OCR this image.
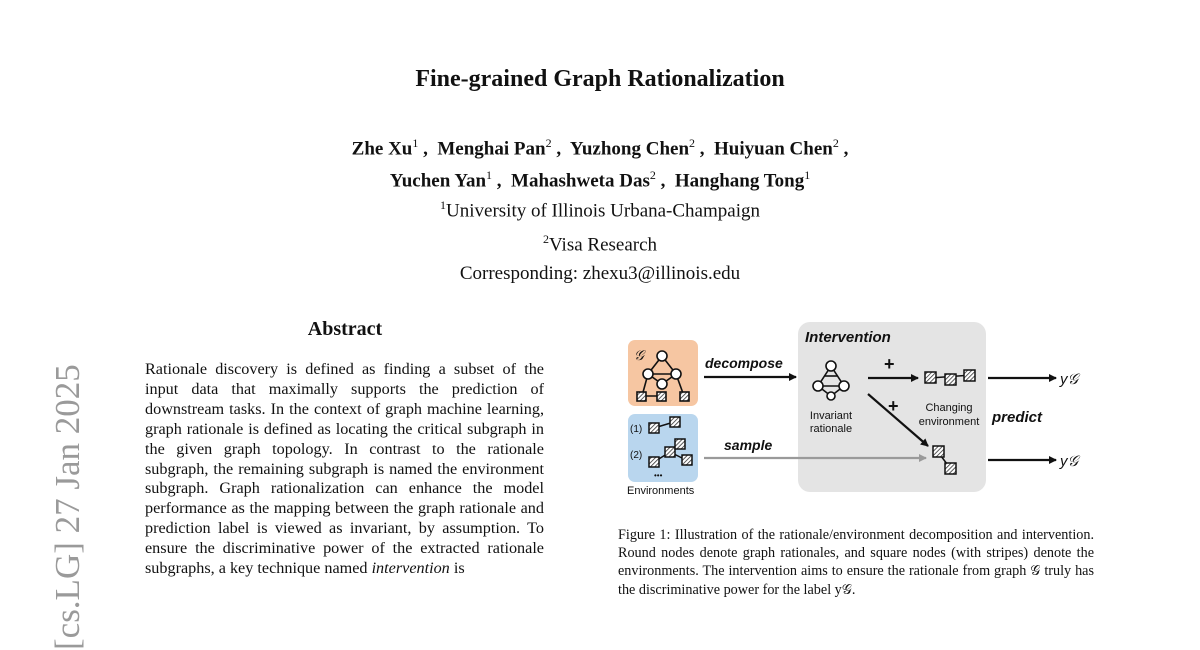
Fine-grained Graph Rationalization
Zhe Xu$^1$ ,  Menghai Pan$^2$ ,  Yuzhong Chen$^2$ ,  Huiyuan Chen$^2$ ,
Yuchen Yan$^1$ ,  Mahashweta Das$^2$ ,  Hanghang Tong$^1$
$^1$University of Illinois Urbana-Champaign
$^2$Visa Research
Corresponding: zhexu3@illinois.edu
[cs.LG] 27 Jan 2025
Abstract
Rationale discovery is defined as finding a subset of the input data that maximally supports the prediction of downstream tasks. In the context of graph machine learning, graph rationale is defined as locating the critical subgraph in the given graph topology. In contrast to the rationale subgraph, the remaining subgraph is named the environment subgraph. Graph rationalization can enhance the model performance as the mapping between the graph rationale and prediction label is viewed as invariant, by assumption. To ensure the discriminative power of the extracted rationale subgraphs, a key technique named intervention is
Intervention
𝒢
(1)
(2)
•••
Environments
decompose
Invariant
rationale
+
+ Changing
environment
sample
y𝒢
predict
y𝒢
Figure 1: Illustration of the rationale/environment decomposition and intervention. Round nodes denote graph rationales, and square nodes (with stripes) denote the environments. The intervention aims to ensure the rationale from graph 𝒢 truly has the discriminative power for the label y𝒢.
